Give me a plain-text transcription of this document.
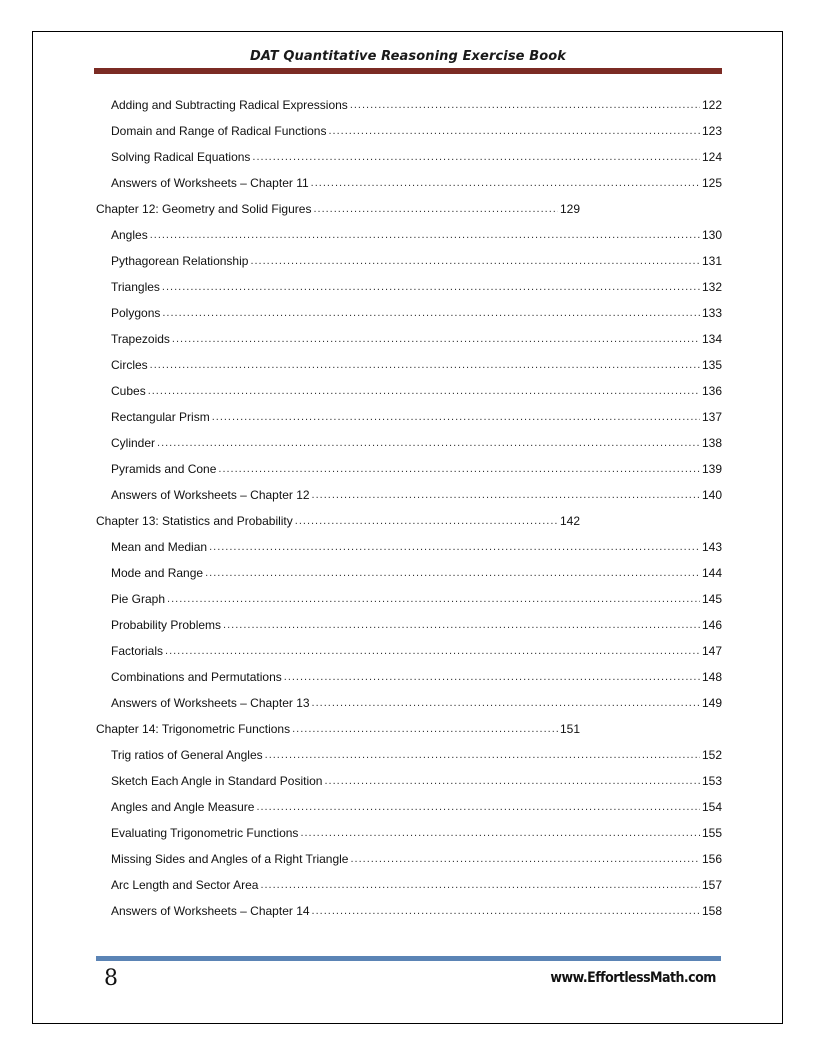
DAT Quantitative Reasoning Exercise Book
Adding and Subtracting Radical Expressions .....	122
Domain and Range of Radical Functions .....	123
Solving Radical Equations .....	124
Answers of Worksheets – Chapter 11 .....	125
Chapter 12: Geometry and Solid Figures .....	129
Angles .....	130
Pythagorean Relationship .....	131
Triangles .....	132
Polygons .....	133
Trapezoids .....	134
Circles .....	135
Cubes .....	136
Rectangular Prism .....	137
Cylinder .....	138
Pyramids and Cone .....	139
Answers of Worksheets – Chapter 12 .....	140
Chapter 13: Statistics and Probability .....	142
Mean and Median .....	143
Mode and Range .....	144
Pie Graph .....	145
Probability Problems .....	146
Factorials .....	147
Combinations and Permutations .....	148
Answers of Worksheets – Chapter 13 .....	149
Chapter 14: Trigonometric Functions .....	151
Trig ratios of General Angles .....	152
Sketch Each Angle in Standard Position .....	153
Angles and Angle Measure .....	154
Evaluating Trigonometric Functions .....	155
Missing Sides and Angles of a Right Triangle .....	156
Arc Length and Sector Area .....	157
Answers of Worksheets – Chapter 14 .....	158
8	www.EffortlessMath.com
